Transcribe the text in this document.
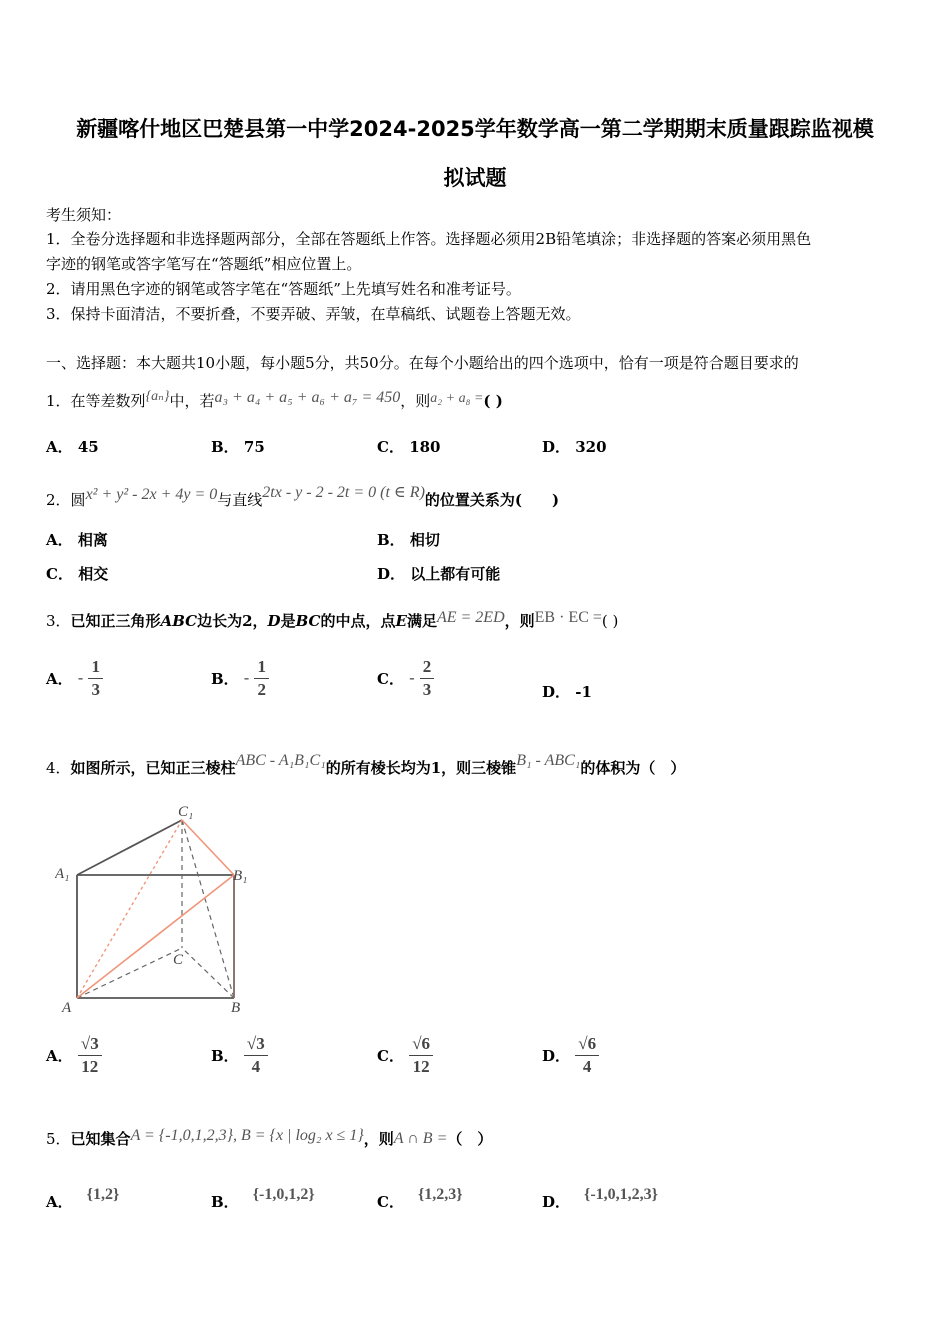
新疆喀什地区巴楚县第一中学2024-2025学年数学高一第二学期期末质量跟踪监视模
拟试题
考生须知：
1．全卷分选择题和非选择题两部分，全部在答题纸上作答。选择题必须用2B铅笔填涂；非选择题的答案必须用黑色
字迹的钢笔或答字笔写在“答题纸”相应位置上。
2．请用黑色字迹的钢笔或答字笔在“答题纸”上先填写姓名和准考证号。
3．保持卡面清洁，不要折叠，不要弄破、弄皱，在草稿纸、试题卷上答题无效。
一、选择题：本大题共10小题，每小题5分，共50分。在每个小题给出的四个选项中，恰有一项是符合题目要求的
1．在等差数列{aₙ}中，若a₃ + a₄ + a₅ + a₆ + a₇ = 450，则a₂ + a₈ =( )
A． 45	B． 75	C． 180	D． 320
2．圆x² + y² - 2x + 4y = 0与直线2tx - y - 2 - 2t = 0 (t ∈ R)的位置关系为(　　)
A． 相离	B． 相切
C． 相交	D． 以上都有可能
3．已知正三角形ABC边长为2，D是BC的中点，点E满足AE = 2ED，则EB · EC =( )
A． - $\frac{1}{3}$	B． - $\frac{1}{2}$	C． - $\frac{2}{3}$	D． -1
4．如图所示，已知正三棱柱ABC - A₁B₁C₁的所有棱长均为1，则三棱锥B₁ - ABC₁的体积为（　）
C₁
A₁	B₁
C
A	B
A． $\frac{√3}{12}$	B． $\frac{√3}{4}$	C． $\frac{√6}{12}$	D． $\frac{√6}{4}$
5．已知集合A = {-1,0,1,2,3}, B = {x | log₂ x ≤ 1}，则A ∩ B =（　）
A． {1,2}	B． {-1,0,1,2}	C． {1,2,3}	D． {-1,0,1,2,3}
